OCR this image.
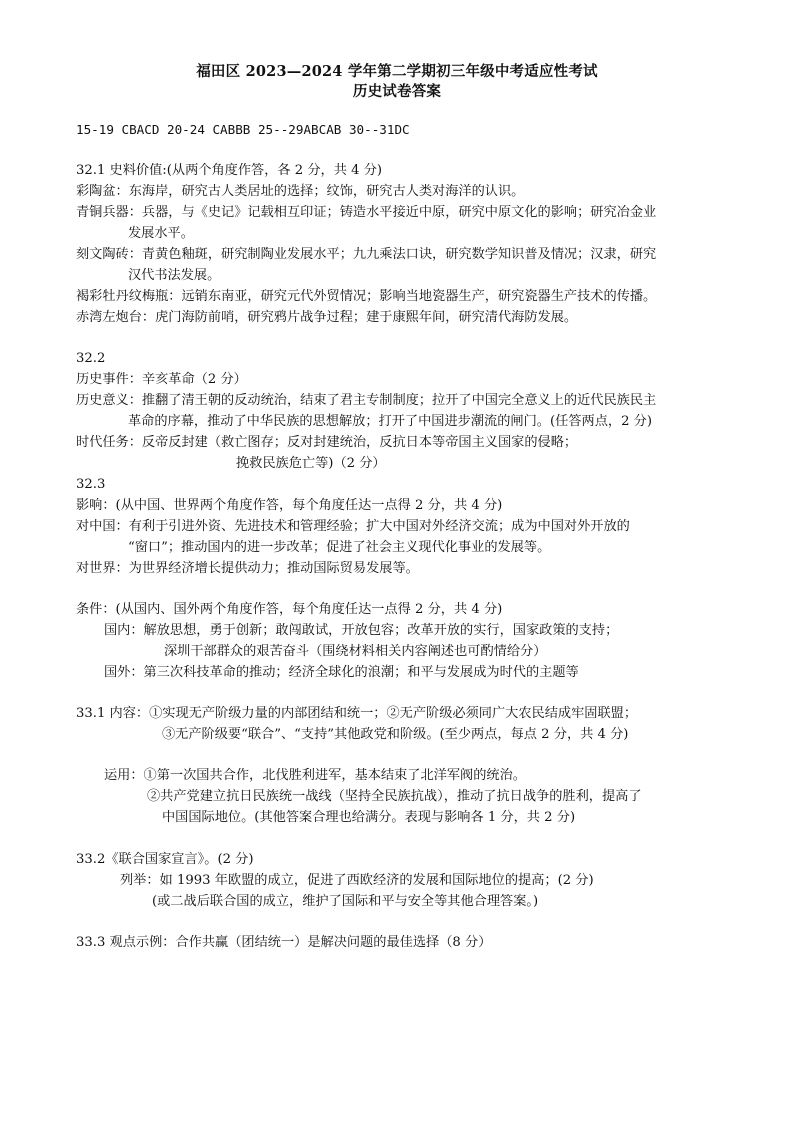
福田区 2023—2024 学年第二学期初三年级中考适应性考试
历史试卷答案
15-19 CBACD 20-24 CABBB 25--29ABCAB 30--31DC
32.1 史料价值:(从两个角度作答，各 2 分，共 4 分)
彩陶盆：东海岸，研究古人类居址的选择；纹饰，研究古人类对海洋的认识。
青铜兵器：兵器，与《史记》记载相互印证；铸造水平接近中原，研究中原文化的影响；研究冶金业
发展水平。
刻文陶砖：青黄色釉斑，研究制陶业发展水平；九九乘法口诀，研究数学知识普及情况；汉隶，研究
汉代书法发展。
褐彩牡丹纹梅瓶：远销东南亚，研究元代外贸情况；影响当地瓷器生产，研究瓷器生产技术的传播。
赤湾左炮台：虎门海防前哨，研究鸦片战争过程；建于康熙年间，研究清代海防发展。
32.2
历史事件：辛亥革命（2 分）
历史意义：推翻了清王朝的反动统治，结束了君主专制制度；拉开了中国完全意义上的近代民族民主
革命的序幕，推动了中华民族的思想解放；打开了中国进步潮流的闸门。(任答两点，2 分)
时代任务：反帝反封建（救亡图存；反对封建统治，反抗日本等帝国主义国家的侵略；
挽救民族危亡等)（2 分）
32.3
影响：(从中国、世界两个角度作答，每个角度任达一点得 2 分，共 4 分)
对中国：有利于引进外资、先进技术和管理经验；扩大中国对外经济交流；成为中国对外开放的
“窗口”；推动国内的进一步改革；促进了社会主义现代化事业的发展等。
对世界：为世界经济增长提供动力；推动国际贸易发展等。
条件：(从国内、国外两个角度作答，每个角度任达一点得 2 分，共 4 分)
国内：解放思想，勇于创新；敢闯敢试，开放包容；改革开放的实行，国家政策的支持；
深圳干部群众的艰苦奋斗（围绕材料相关内容阐述也可酌情给分）
国外：第三次科技革命的推动；经济全球化的浪潮；和平与发展成为时代的主题等
33.1 内容：①实现无产阶级力量的内部团结和统一；②无产阶级必须同广大农民结成牢固联盟；
③无产阶级要“联合”、“支持”其他政党和阶级。(至少两点，每点 2 分，共 4 分)
运用：①第一次国共合作，北伐胜利进军，基本结束了北洋军阀的统治。
②共产党建立抗日民族统一战线（坚持全民族抗战），推动了抗日战争的胜利，提高了
中国国际地位。(其他答案合理也给满分。表现与影响各 1 分，共 2 分)
33.2《联合国家宣言》。(2 分)
列举：如 1993 年欧盟的成立，促进了西欧经济的发展和国际地位的提高；(2 分)
(或二战后联合国的成立，维护了国际和平与安全等其他合理答案。)
33.3 观点示例：合作共赢（团结统一）是解决问题的最佳选择（8 分）
